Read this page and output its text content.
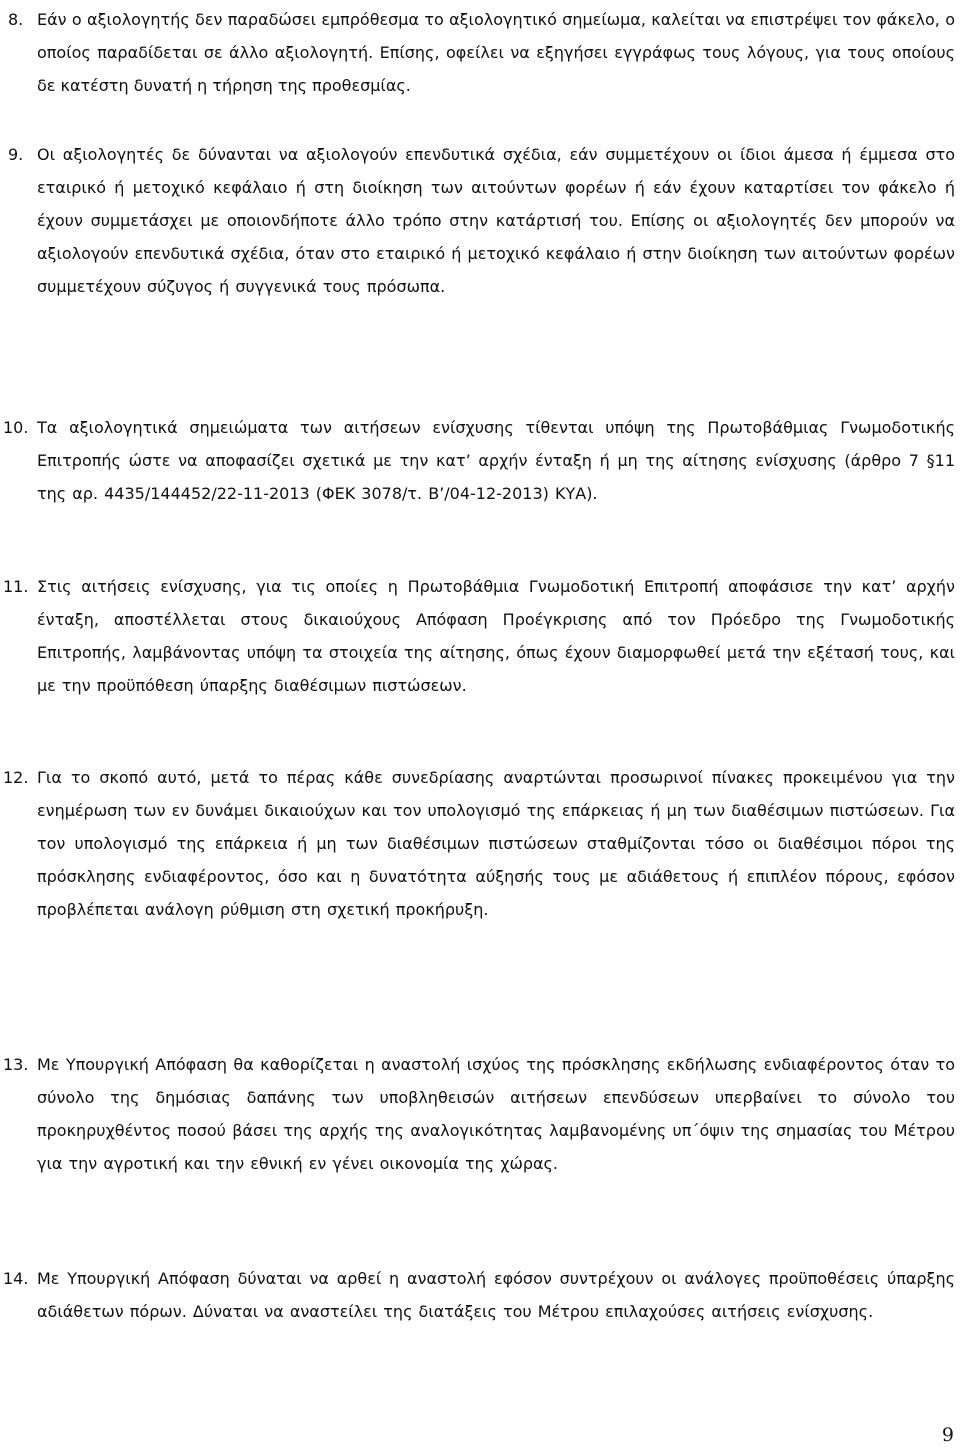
8. Εάν ο αξιολογητής δεν παραδώσει εμπρόθεσμα το αξιολογητικό σημείωμα, καλείται να επιστρέψει τον φάκελο, ο οποίος παραδίδεται σε άλλο αξιολογητή. Επίσης, οφείλει να εξηγήσει εγγράφως τους λόγους, για τους οποίους δε κατέστη δυνατή η τήρηση της προθεσμίας.

9. Οι αξιολογητές δε δύνανται να αξιολογούν επενδυτικά σχέδια, εάν συμμετέχουν οι ίδιοι άμεσα ή έμμεσα στο εταιρικό ή μετοχικό κεφάλαιο ή στη διοίκηση των αιτούντων φορέων ή εάν έχουν καταρτίσει τον φάκελο ή έχουν συμμετάσχει με οποιονδήποτε άλλο τρόπο στην κατάρτισή του. Επίσης οι αξιολογητές δεν μπορούν να αξιολογούν επενδυτικά σχέδια, όταν στο εταιρικό ή μετοχικό κεφάλαιο ή στην διοίκηση των αιτούντων φορέων συμμετέχουν σύζυγος ή συγγενικά τους πρόσωπα.

10. Τα αξιολογητικά σημειώματα των αιτήσεων ενίσχυσης τίθενται υπόψη της Πρωτοβάθμιας Γνωμοδοτικής Επιτροπής ώστε να αποφασίζει σχετικά με την κατ’ αρχήν ένταξη ή μη της αίτησης ενίσχυσης (άρθρο 7 §11 της αρ. 4435/144452/22-11-2013 (ΦΕΚ 3078/τ. Β’/04-12-2013) ΚΥΑ).

11. Στις αιτήσεις ενίσχυσης, για τις οποίες η Πρωτοβάθμια Γνωμοδοτική Επιτροπή αποφάσισε την κατ’ αρχήν ένταξη, αποστέλλεται στους δικαιούχους Απόφαση Προέγκρισης από τον Πρόεδρο της Γνωμοδοτικής Επιτροπής, λαμβάνοντας υπόψη τα στοιχεία της αίτησης, όπως έχουν διαμορφωθεί μετά την εξέτασή τους, και με την προϋπόθεση ύπαρξης διαθέσιμων πιστώσεων.

12. Για το σκοπό αυτό, μετά το πέρας κάθε συνεδρίασης αναρτώνται προσωρινοί πίνακες προκειμένου για την ενημέρωση των εν δυνάμει δικαιούχων και τον υπολογισμό της επάρκειας ή μη των διαθέσιμων πιστώσεων. Για τον υπολογισμό της επάρκεια ή μη των διαθέσιμων πιστώσεων σταθμίζονται τόσο οι διαθέσιμοι πόροι της πρόσκλησης ενδιαφέροντος, όσο και η δυνατότητα αύξησής τους με αδιάθετους ή επιπλέον πόρους, εφόσον προβλέπεται ανάλογη ρύθμιση στη σχετική προκήρυξη.

13. Με Υπουργική Απόφαση θα καθορίζεται η αναστολή ισχύος της πρόσκλησης εκδήλωσης ενδιαφέροντος όταν το σύνολο της δημόσιας δαπάνης των υποβληθεισών αιτήσεων επενδύσεων υπερβαίνει το σύνολο του προκηρυχθέντος ποσού βάσει της αρχής της αναλογικότητας λαμβανομένης υπ΄όψιν της σημασίας του Μέτρου για την αγροτική και την εθνική εν γένει οικονομία της χώρας.

14. Με Υπουργική Απόφαση δύναται να αρθεί η αναστολή εφόσον συντρέχουν οι ανάλογες προϋποθέσεις ύπαρξης αδιάθετων πόρων. Δύναται να αναστείλει της διατάξεις του Μέτρου επιλαχούσες αιτήσεις ενίσχυσης.

9
